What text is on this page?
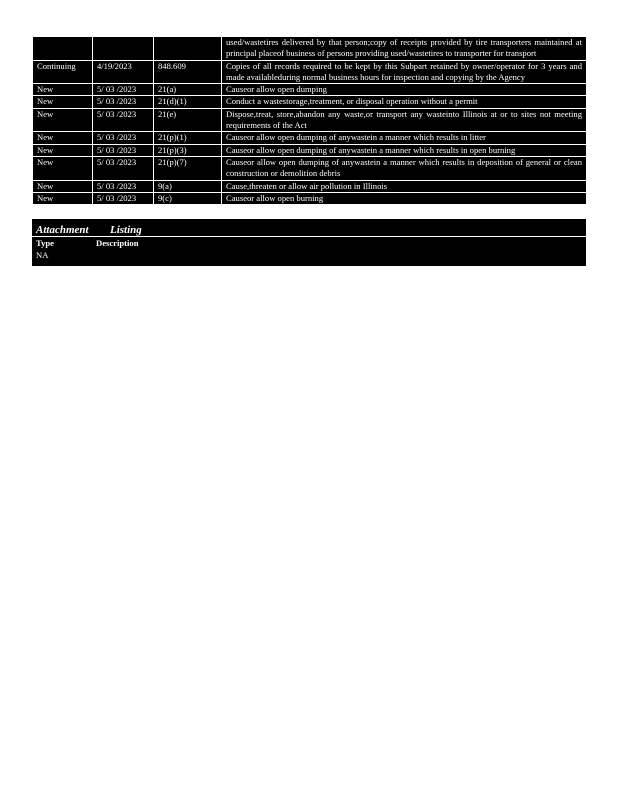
			used/wastetires delivered by that person;copy of receipts provided by tire transporters maintained at principal placeof business of persons providing used/wastetires to transporter for transport
Continuing	4/19/2023	848.609	Copies of all records required to be kept by this Subpart retained by owner/operator for 3 years and made availableduring normal business hours for inspection and copying by the Agency
New	5/ 03 /2023	21(a)	Causeor allow open dumping
New	5/ 03 /2023	21(d)(1)	Conduct a wastestorage,treatment, or disposal operation without a permit
New	5/ 03 /2023	21(e)	Dispose,treat, store,abandon any waste,or transport any wasteinto Illinois at or to sites not meeting requirements of the Act
New	5/ 03 /2023	21(p)(1)	Causeor allow open dumping of anywastein a manner which results in litter
New	5/ 03 /2023	21(p)(3)	Causeor allow open dumping of anywastein a manner which results in open burning
New	5/ 03 /2023	21(p)(7)	Causeor allow open dumping of anywastein a manner which results in deposition of general or clean construction or demolition debris
New	5/ 03 /2023	9(a)	Cause,threaten or allow air pollution in Illinois
New	5/ 03 /2023	9(c)	Causeor allow open burning
Attachment Listing
Type	Description
NA
